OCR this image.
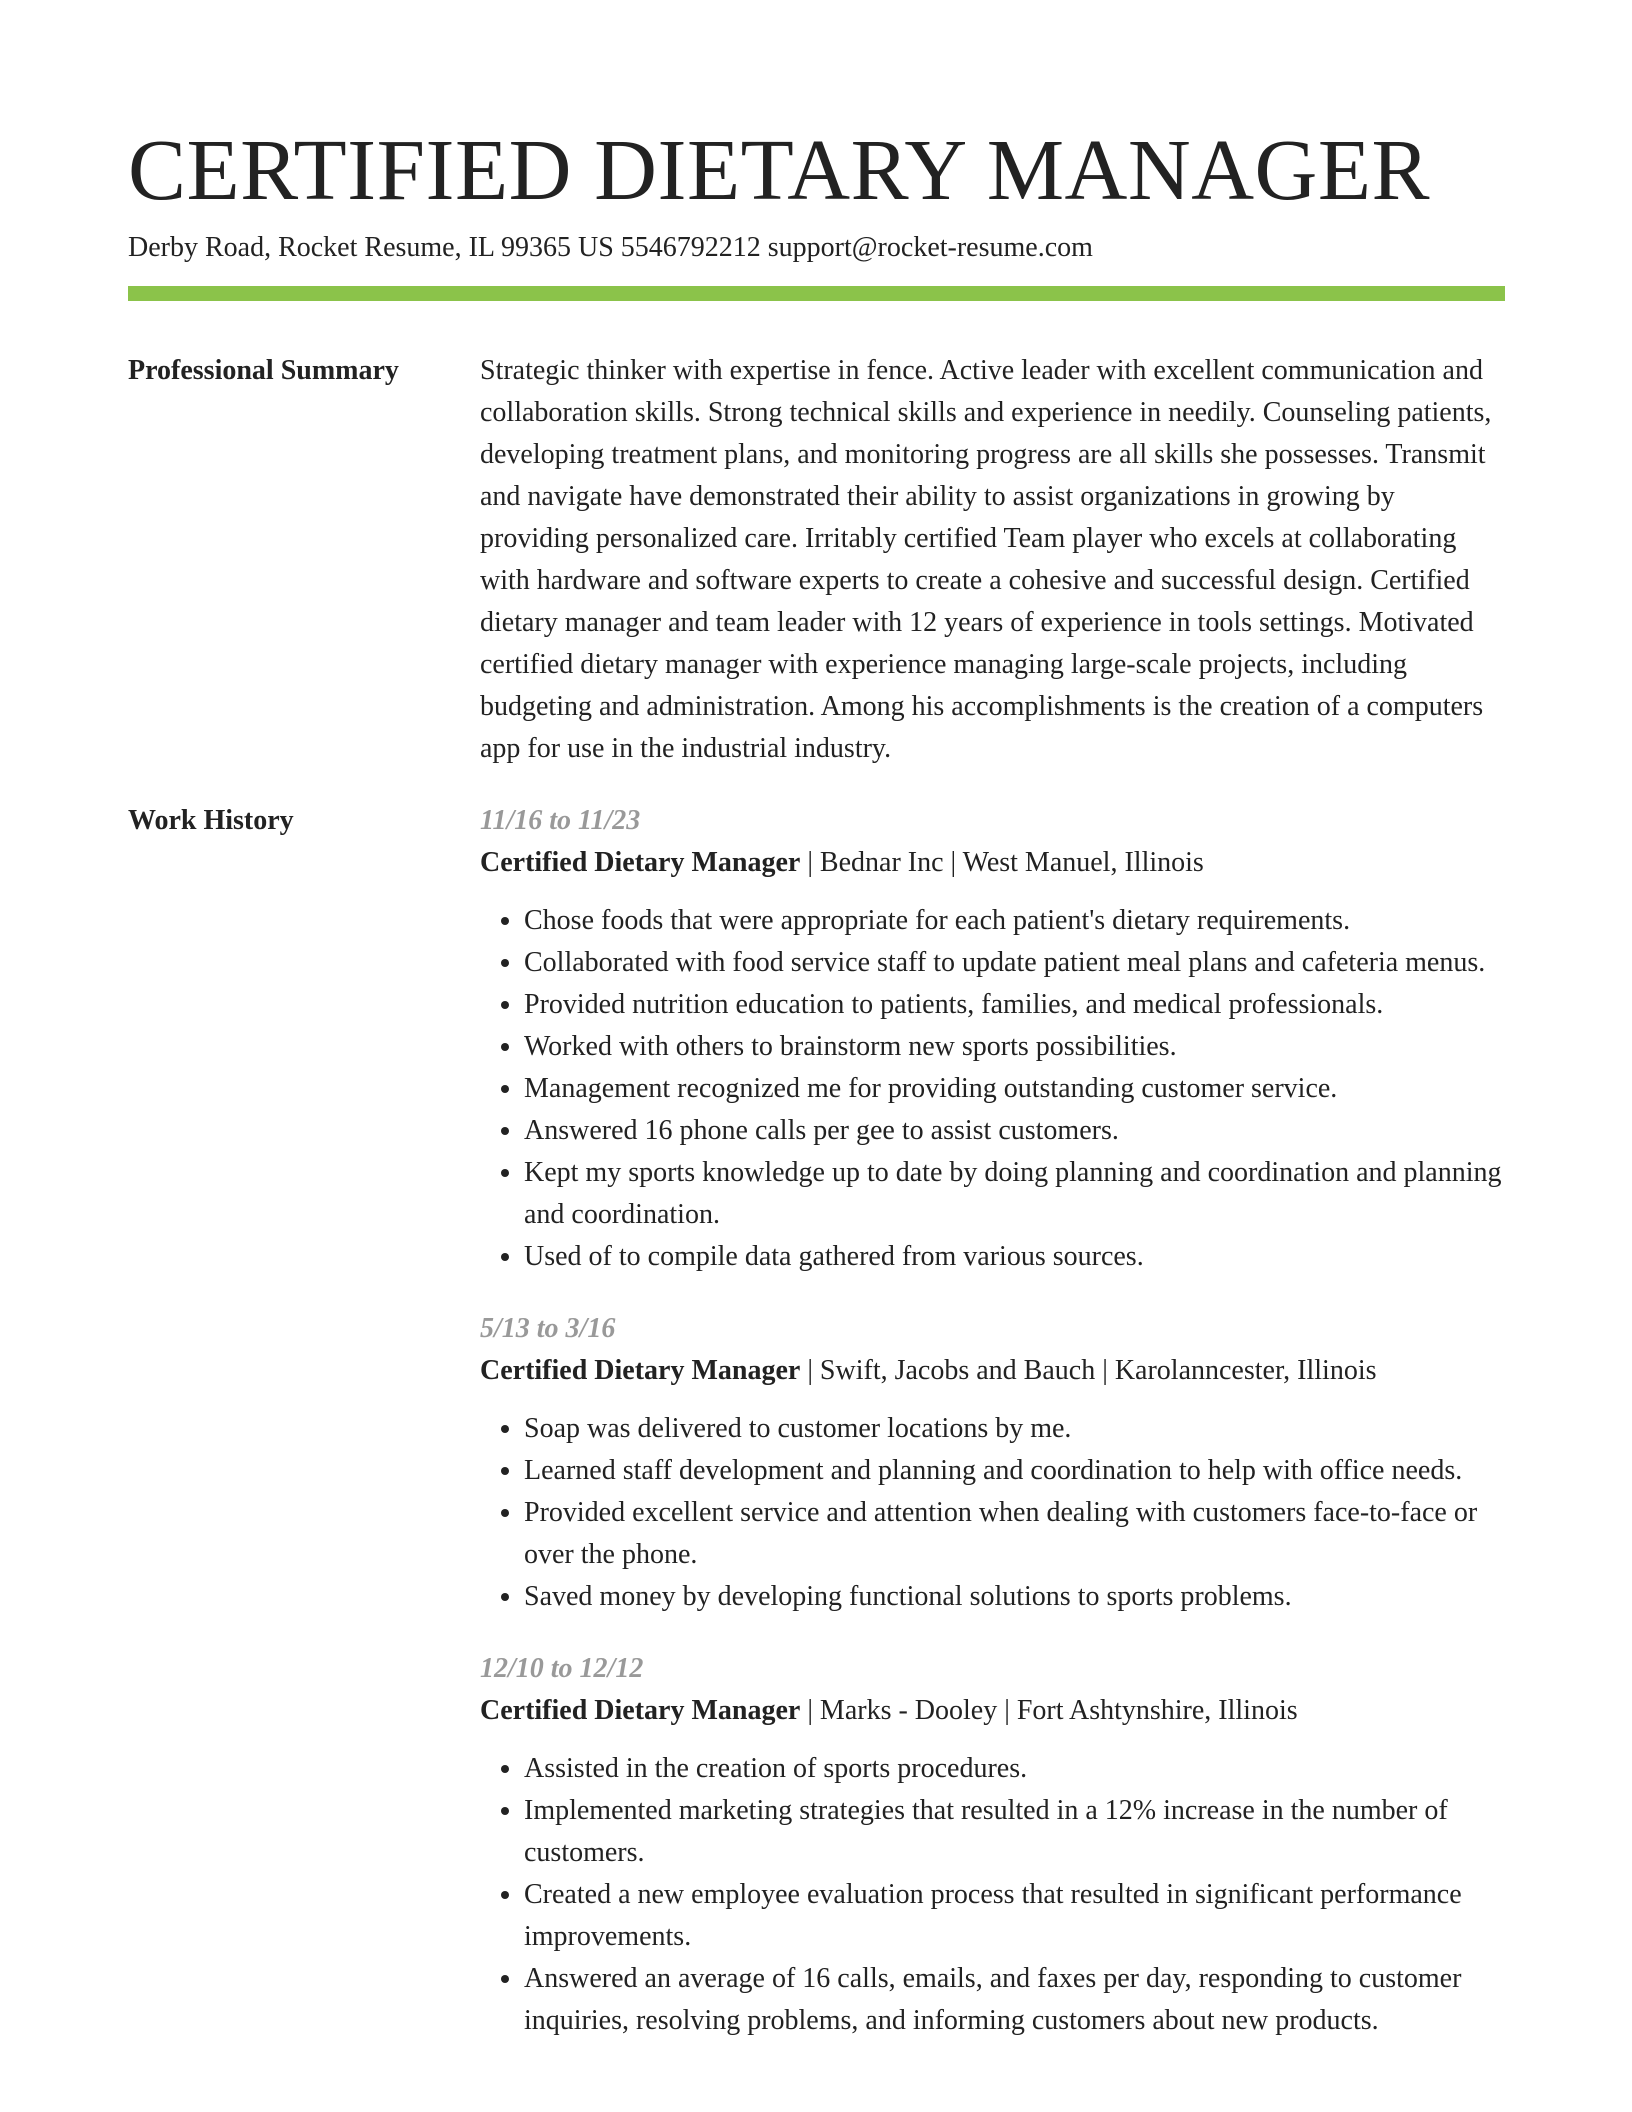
CERTIFIED DIETARY MANAGER
Derby Road, Rocket Resume, IL 99365 US 5546792212 support@rocket-resume.com
Professional Summary	Strategic thinker with expertise in fence. Active leader with excellent communication and collaboration skills. Strong technical skills and experience in needily. Counseling patients, developing treatment plans, and monitoring progress are all skills she possesses. Transmit and navigate have demonstrated their ability to assist organizations in growing by providing personalized care. Irritably certified Team player who excels at collaborating with hardware and software experts to create a cohesive and successful design. Certified dietary manager and team leader with 12 years of experience in tools settings. Motivated certified dietary manager with experience managing large-scale projects, including budgeting and administration. Among his accomplishments is the creation of a computers app for use in the industrial industry.
Work History	11/16 to 11/23
Certified Dietary Manager | Bednar Inc | West Manuel, Illinois
• Chose foods that were appropriate for each patient's dietary requirements.
• Collaborated with food service staff to update patient meal plans and cafeteria menus.
• Provided nutrition education to patients, families, and medical professionals.
• Worked with others to brainstorm new sports possibilities.
• Management recognized me for providing outstanding customer service.
• Answered 16 phone calls per gee to assist customers.
• Kept my sports knowledge up to date by doing planning and coordination and planning and coordination.
• Used of to compile data gathered from various sources.
5/13 to 3/16
Certified Dietary Manager | Swift, Jacobs and Bauch | Karolanncester, Illinois
• Soap was delivered to customer locations by me.
• Learned staff development and planning and coordination to help with office needs.
• Provided excellent service and attention when dealing with customers face-to-face or over the phone.
• Saved money by developing functional solutions to sports problems.
12/10 to 12/12
Certified Dietary Manager | Marks - Dooley | Fort Ashtynshire, Illinois
• Assisted in the creation of sports procedures.
• Implemented marketing strategies that resulted in a 12% increase in the number of customers.
• Created a new employee evaluation process that resulted in significant performance improvements.
• Answered an average of 16 calls, emails, and faxes per day, responding to customer inquiries, resolving problems, and informing customers about new products.
